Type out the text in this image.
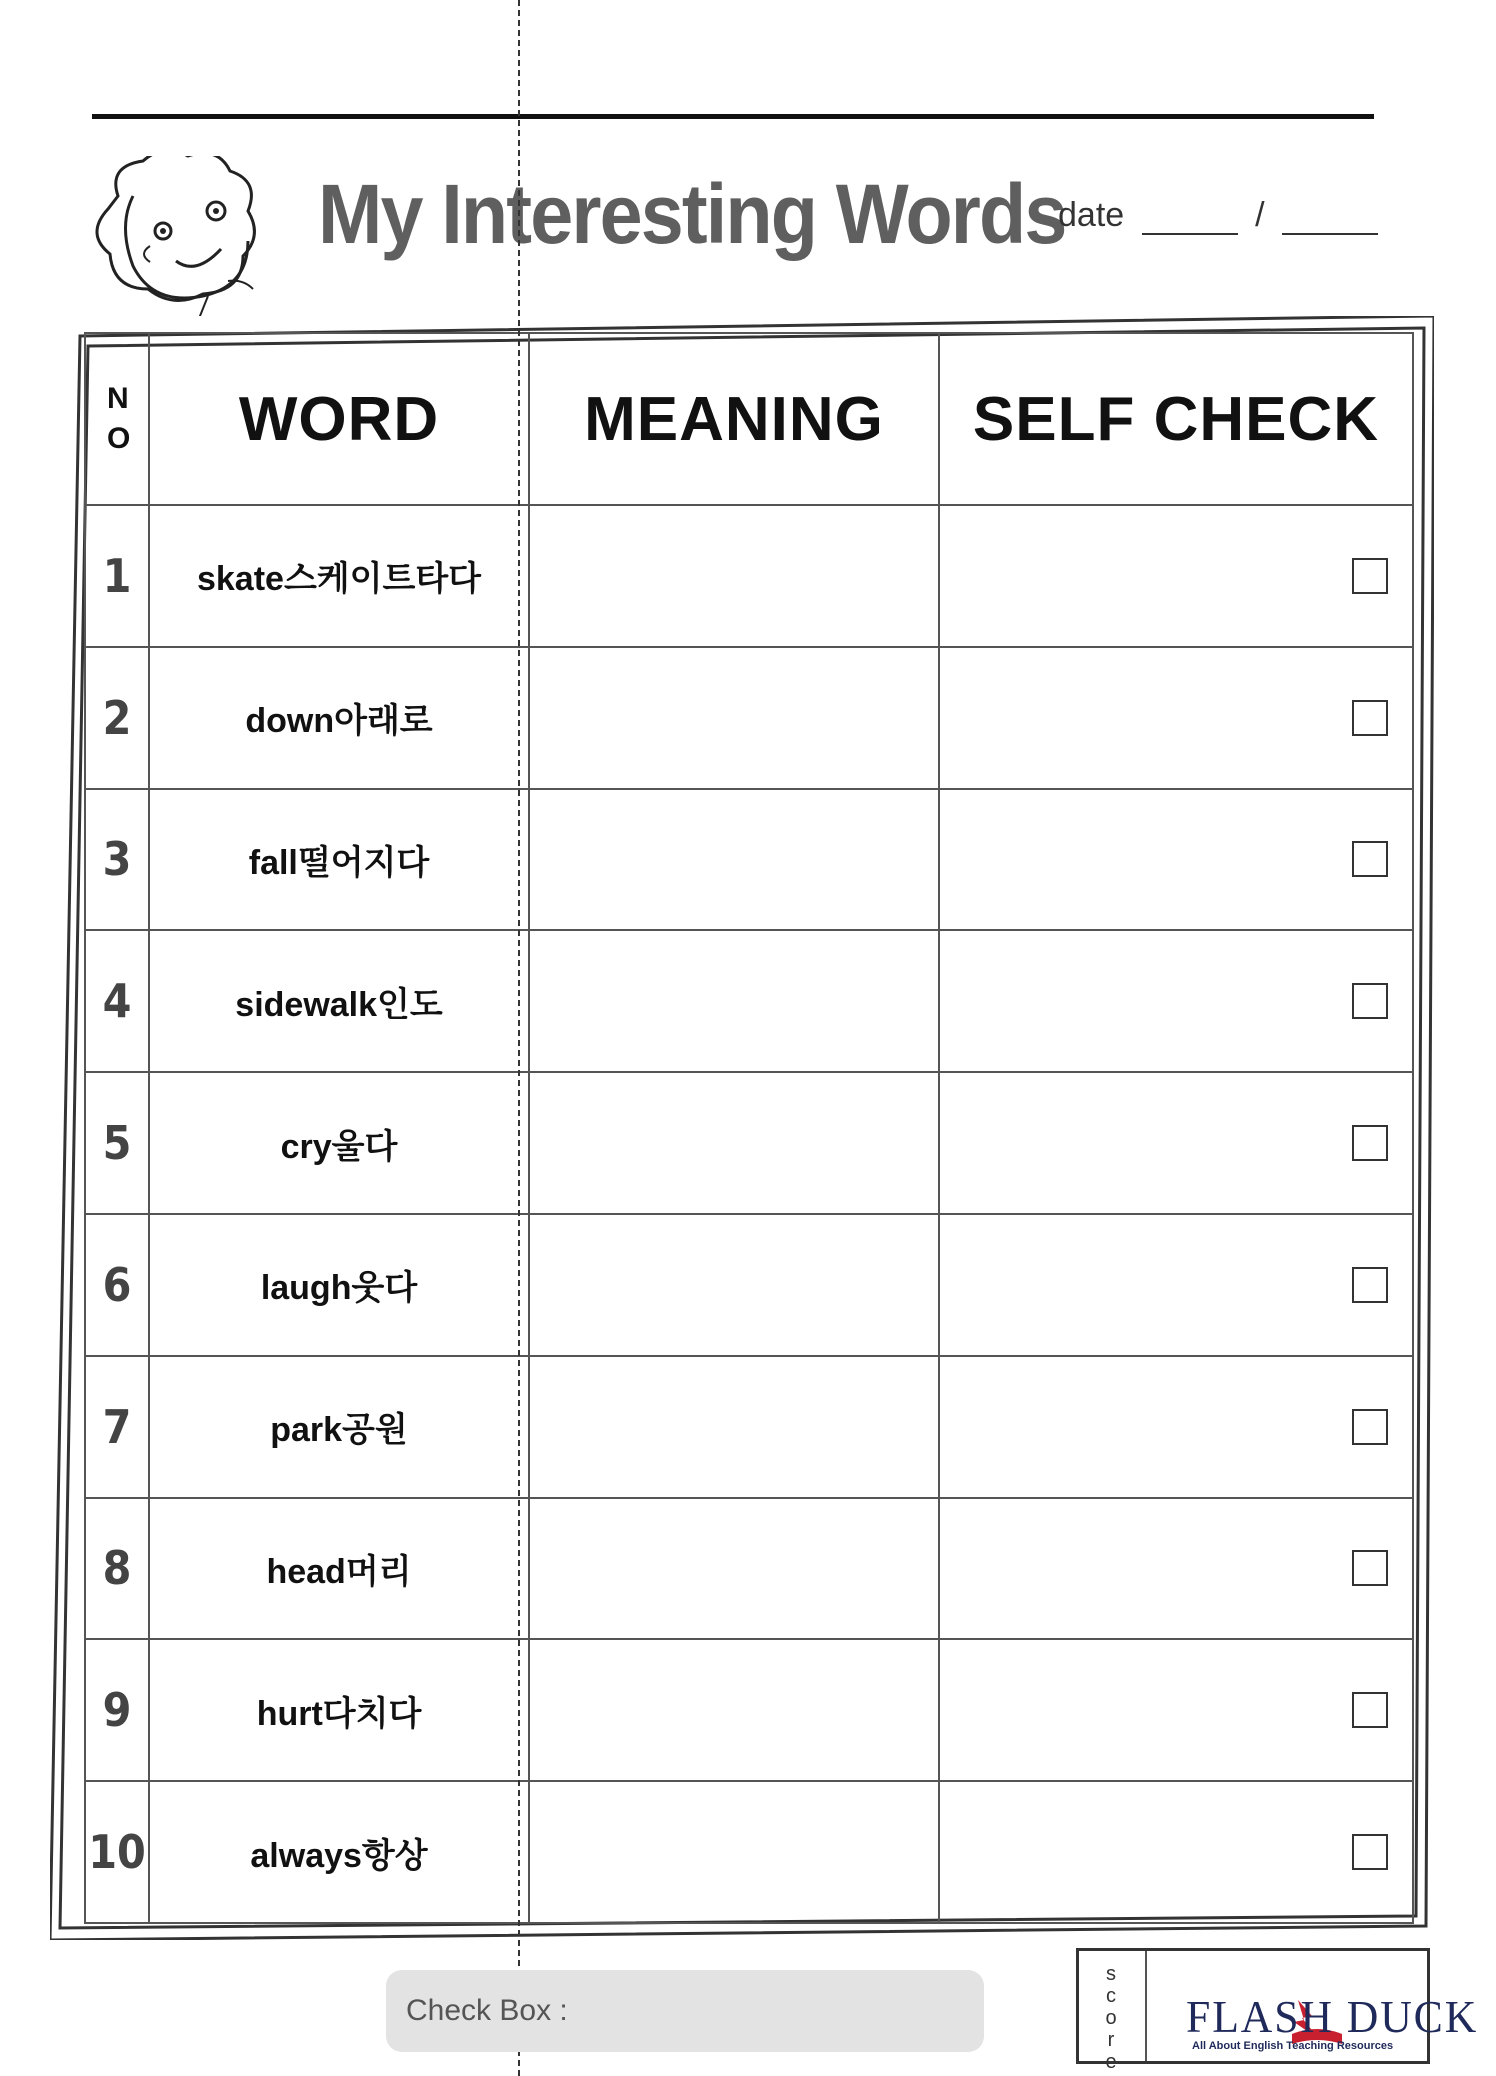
My Interesting Words
date	/
N O	WORD	MEANING	SELF CHECK
1	skate스케이트타다		

2	down아래로		

3	fall떨어지다		

4	sidewalk인도		

5	cry울다		

6	laugh웃다		

7	park공원		

8	head머리		

9	hurt다치다		

10	always항상		
Check Box :
s c o r e
FLASH DUCK
All About English Teaching Resources
